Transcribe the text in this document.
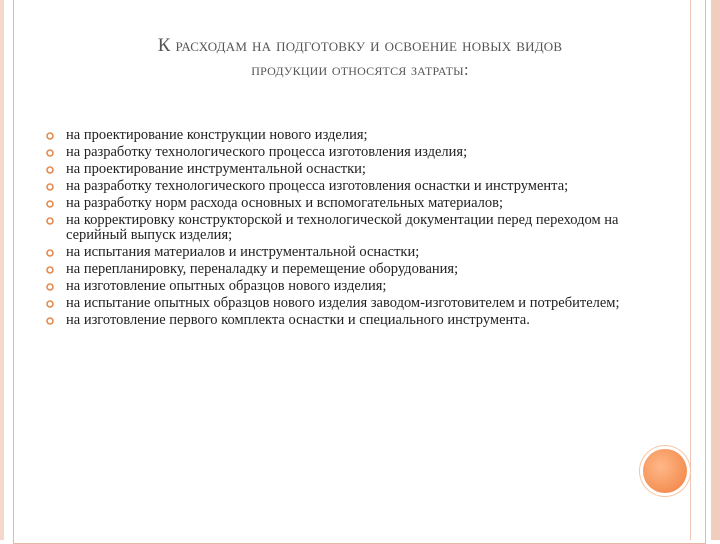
К расходам на подготовку и освоение новых видов
продукции относятся затраты:
на проектирование конструкции нового изделия;
на разработку технологического процесса изготовления изделия;
на проектирование инструментальной оснастки;
на разработку технологического процесса изготовления оснастки и инструмента;
на разработку норм расхода основных и вспомогательных материалов;
на корректировку конструкторской и технологической документации перед переходом на серийный выпуск изделия;
на испытания материалов и инструментальной оснастки;
на перепланировку, переналадку и перемещение оборудования;
на изготовление опытных образцов нового изделия;
на испытание опытных образцов нового изделия заводом-изготовителем и потребителем;
на изготовление первого комплекта оснастки и специального инструмента.
